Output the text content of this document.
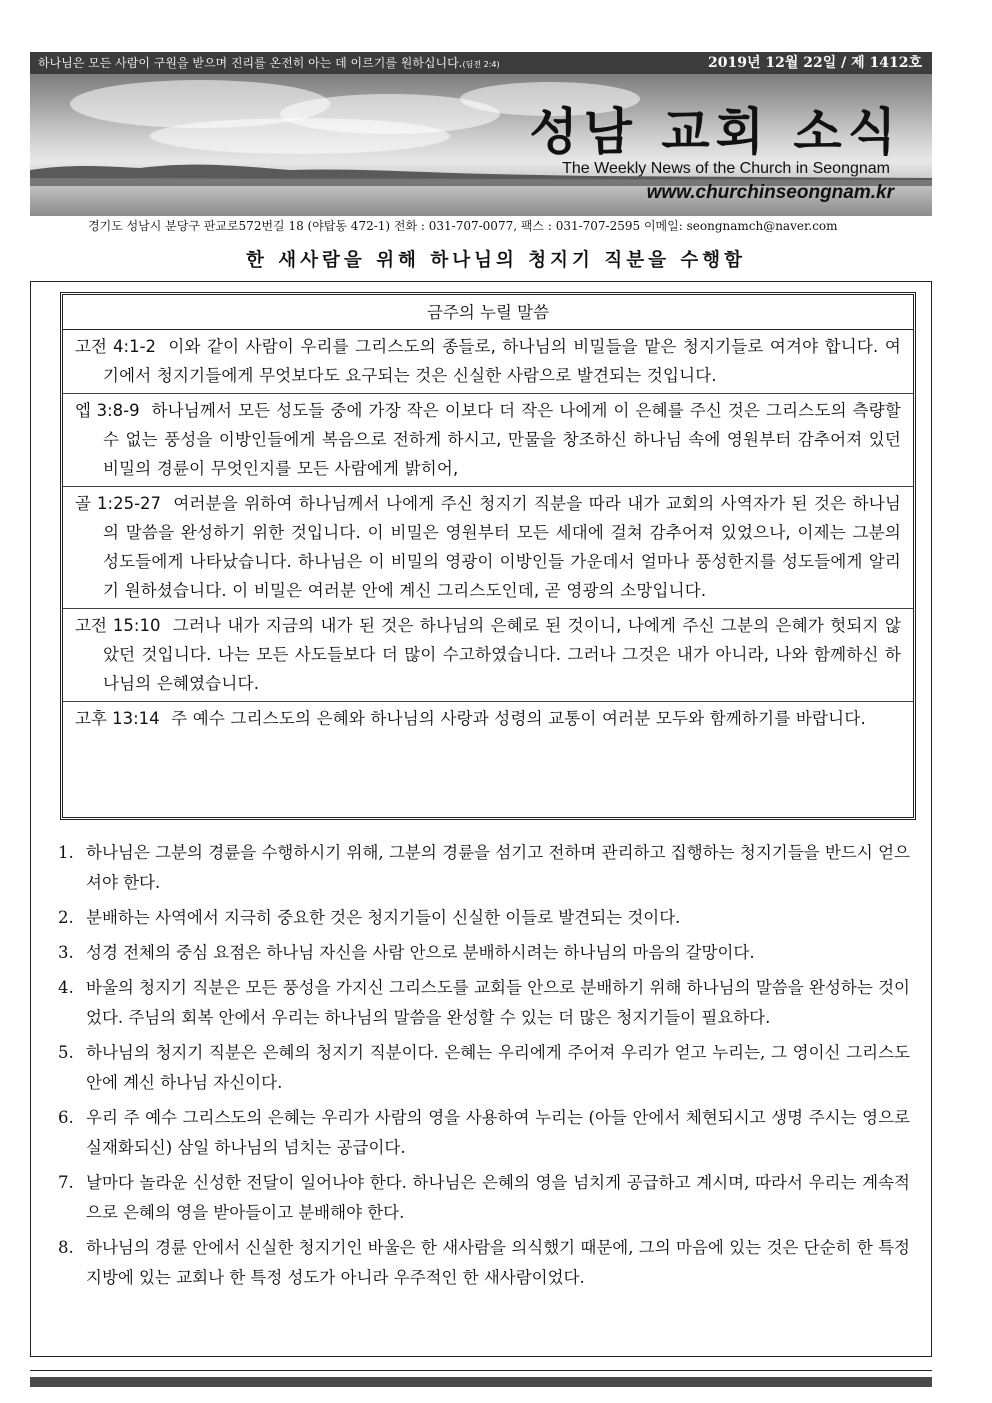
하나님은 모든 사람이 구원을 받으며 진리를 온전히 아는 데 이르기를 원하십니다.(딤전 2:4)	2019년 12월 22일 / 제 1412호
성남 교회 소식
The Weekly News of the Church in Seongnam
www.churchinseongnam.kr
경기도 성남시 분당구 판교로572번길 18 (야탑동 472-1) 전화 : 031-707-0077, 팩스 : 031-707-2595 이메일: seongnamch@naver.com
한 새사람을 위해 하나님의 청지기 직분을 수행함
금주의 누릴 말씀
고전 4:1-2 이와 같이 사람이 우리를 그리스도의 종들로, 하나님의 비밀들을 맡은 청지기들로 여겨야 합니다. 여기에서 청지기들에게 무엇보다도 요구되는 것은 신실한 사람으로 발견되는 것입니다.
엡 3:8-9 하나님께서 모든 성도들 중에 가장 작은 이보다 더 작은 나에게 이 은혜를 주신 것은 그리스도의 측량할 수 없는 풍성을 이방인들에게 복음으로 전하게 하시고, 만물을 창조하신 하나님 속에 영원부터 감추어져 있던 비밀의 경륜이 무엇인지를 모든 사람에게 밝히어,
골 1:25-27 여러분을 위하여 하나님께서 나에게 주신 청지기 직분을 따라 내가 교회의 사역자가 된 것은 하나님의 말씀을 완성하기 위한 것입니다. 이 비밀은 영원부터 모든 세대에 걸쳐 감추어져 있었으나, 이제는 그분의 성도들에게 나타났습니다. 하나님은 이 비밀의 영광이 이방인들 가운데서 얼마나 풍성한지를 성도들에게 알리기 원하셨습니다. 이 비밀은 여러분 안에 계신 그리스도인데, 곧 영광의 소망입니다.
고전 15:10 그러나 내가 지금의 내가 된 것은 하나님의 은혜로 된 것이니, 나에게 주신 그분의 은혜가 헛되지 않았던 것입니다. 나는 모든 사도들보다 더 많이 수고하였습니다. 그러나 그것은 내가 아니라, 나와 함께하신 하나님의 은혜였습니다.
고후 13:14 주 예수 그리스도의 은혜와 하나님의 사랑과 성령의 교통이 여러분 모두와 함께하기를 바랍니다.
1. 하나님은 그분의 경륜을 수행하시기 위해, 그분의 경륜을 섬기고 전하며 관리하고 집행하는 청지기들을 반드시 얻으셔야 한다.
2. 분배하는 사역에서 지극히 중요한 것은 청지기들이 신실한 이들로 발견되는 것이다.
3. 성경 전체의 중심 요점은 하나님 자신을 사람 안으로 분배하시려는 하나님의 마음의 갈망이다.
4. 바울의 청지기 직분은 모든 풍성을 가지신 그리스도를 교회들 안으로 분배하기 위해 하나님의 말씀을 완성하는 것이었다. 주님의 회복 안에서 우리는 하나님의 말씀을 완성할 수 있는 더 많은 청지기들이 필요하다.
5. 하나님의 청지기 직분은 은혜의 청지기 직분이다. 은혜는 우리에게 주어져 우리가 얻고 누리는, 그 영이신 그리스도 안에 계신 하나님 자신이다.
6. 우리 주 예수 그리스도의 은혜는 우리가 사람의 영을 사용하여 누리는 (아들 안에서 체현되시고 생명 주시는 영으로 실재화되신) 삼일 하나님의 넘치는 공급이다.
7. 날마다 놀라운 신성한 전달이 일어나야 한다. 하나님은 은혜의 영을 넘치게 공급하고 계시며, 따라서 우리는 계속적으로 은혜의 영을 받아들이고 분배해야 한다.
8. 하나님의 경륜 안에서 신실한 청지기인 바울은 한 새사람을 의식했기 때문에, 그의 마음에 있는 것은 단순히 한 특정 지방에 있는 교회나 한 특정 성도가 아니라 우주적인 한 새사람이었다.
